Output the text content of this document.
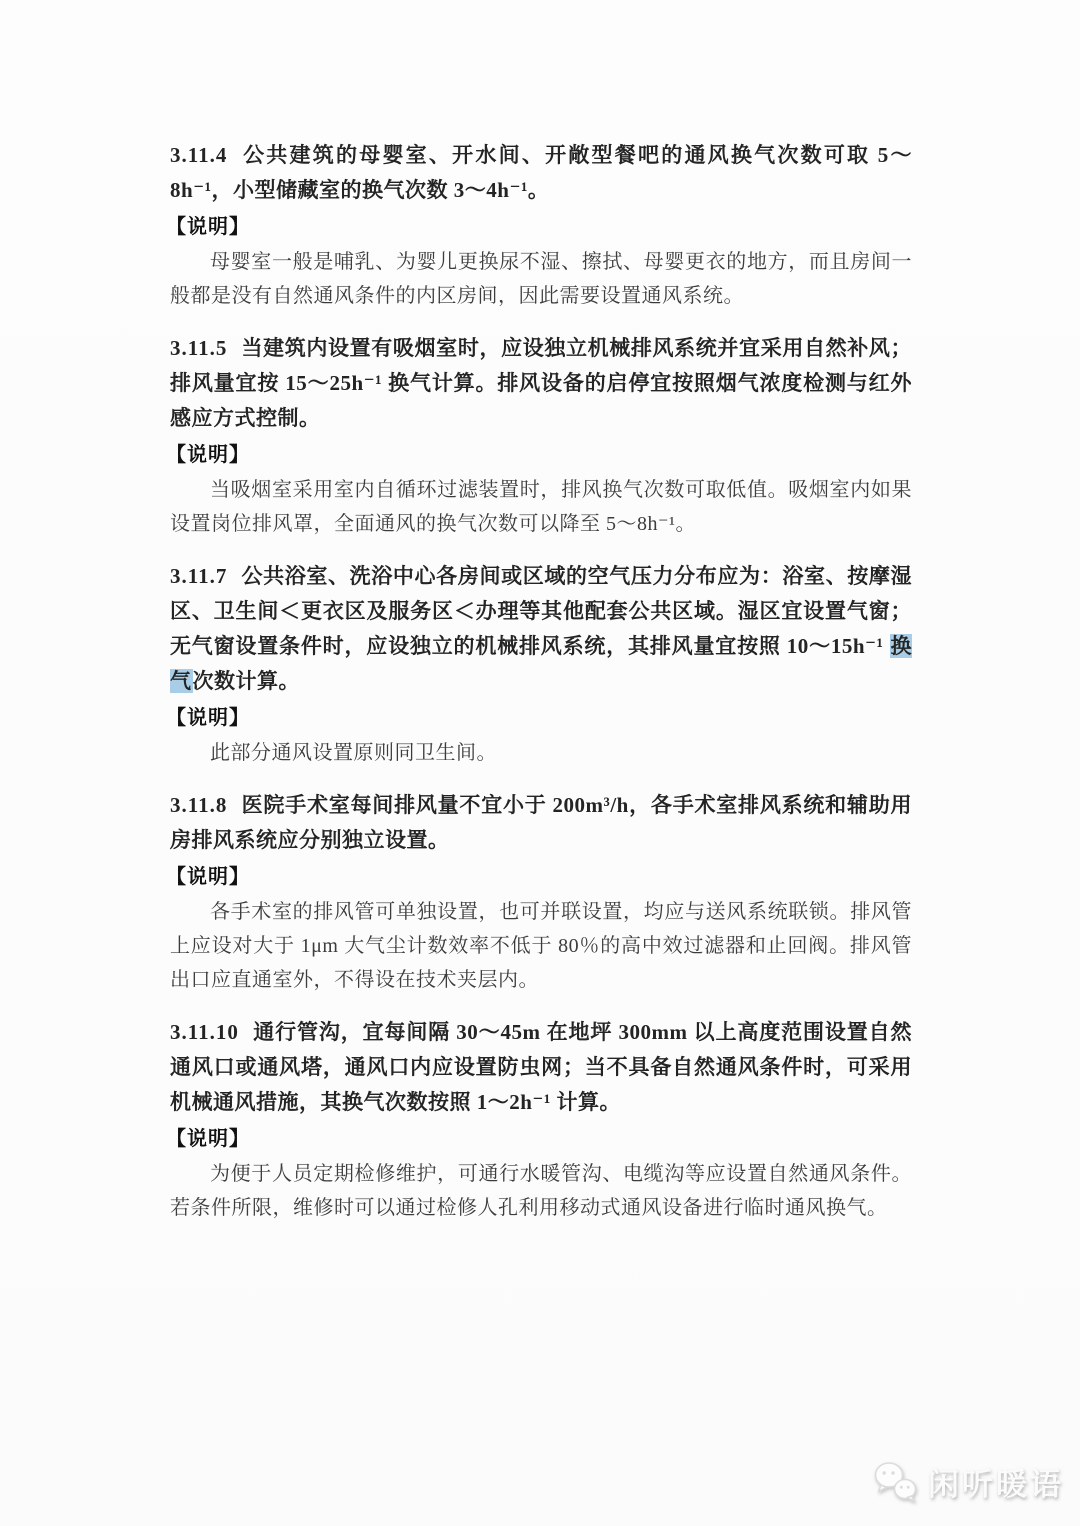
3.11.4 公共建筑的母婴室、开水间、开敞型餐吧的通风换气次数可取 5～8h⁻¹，小型储藏室的换气次数 3～4h⁻¹。

【说明】

母婴室一般是哺乳、为婴儿更换尿不湿、擦拭、母婴更衣的地方，而且房间一般都是没有自然通风条件的内区房间，因此需要设置通风系统。

3.11.5 当建筑内设置有吸烟室时，应设独立机械排风系统并宜采用自然补风；排风量宜按 15～25h⁻¹ 换气计算。排风设备的启停宜按照烟气浓度检测与红外感应方式控制。

【说明】

当吸烟室采用室内自循环过滤装置时，排风换气次数可取低值。吸烟室内如果设置岗位排风罩，全面通风的换气次数可以降至 5～8h⁻¹。

3.11.7 公共浴室、洗浴中心各房间或区域的空气压力分布应为：浴室、按摩湿区、卫生间＜更衣区及服务区＜办理等其他配套公共区域。湿区宜设置气窗；无气窗设置条件时，应设独立的机械排风系统，其排风量宜按照 10～15h⁻¹ 换气次数计算。

【说明】

此部分通风设置原则同卫生间。

3.11.8 医院手术室每间排风量不宜小于 200m³/h，各手术室排风系统和辅助用房排风系统应分别独立设置。

【说明】

各手术室的排风管可单独设置，也可并联设置，均应与送风系统联锁。排风管上应设对大于 1μm 大气尘计数效率不低于 80％的高中效过滤器和止回阀。排风管出口应直通室外，不得设在技术夹层内。

3.11.10 通行管沟，宜每间隔 30～45m 在地坪 300mm 以上高度范围设置自然通风口或通风塔，通风口内应设置防虫网；当不具备自然通风条件时，可采用机械通风措施，其换气次数按照 1～2h⁻¹ 计算。

【说明】

为便于人员定期检修维护，可通行水暖管沟、电缆沟等应设置自然通风条件。若条件所限，维修时可以通过检修人孔利用移动式通风设备进行临时通风换气。

闲听暖语
